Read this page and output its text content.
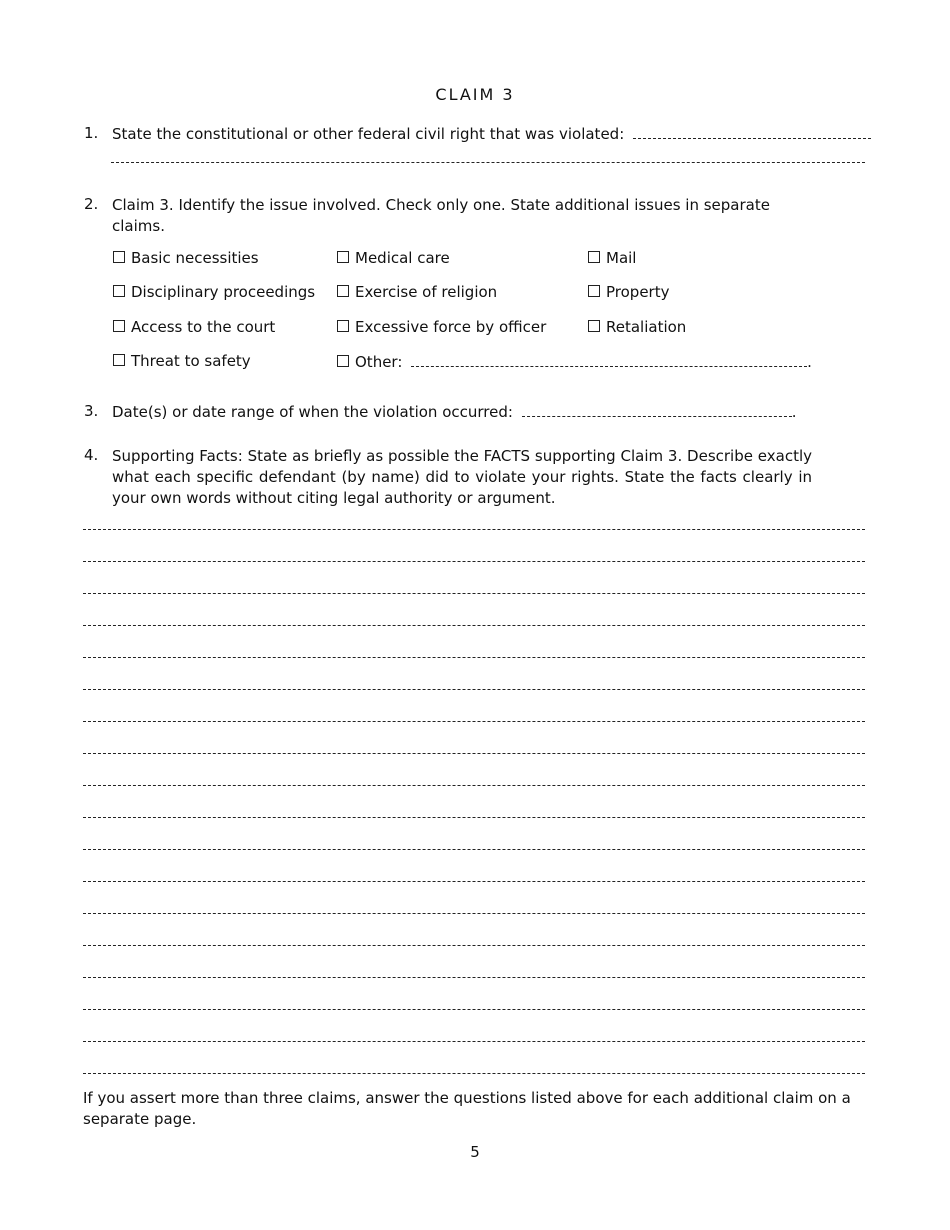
CLAIM 3
1. State the constitutional or other federal civil right that was violated:
2. Claim 3. Identify the issue involved. Check only one. State additional issues in separate claims.
Basic necessities	Medical care	Mail
Disciplinary proceedings	Exercise of religion	Property
Access to the court	Excessive force by officer	Retaliation
Threat to safety	Other:	.
3. Date(s) or date range of when the violation occurred:	.
4. Supporting Facts: State as briefly as possible the FACTS supporting Claim 3. Describe exactly what each specific defendant (by name) did to violate your rights. State the facts clearly in your own words without citing legal authority or argument.
If you assert more than three claims, answer the questions listed above for each additional claim on a separate page.
5
